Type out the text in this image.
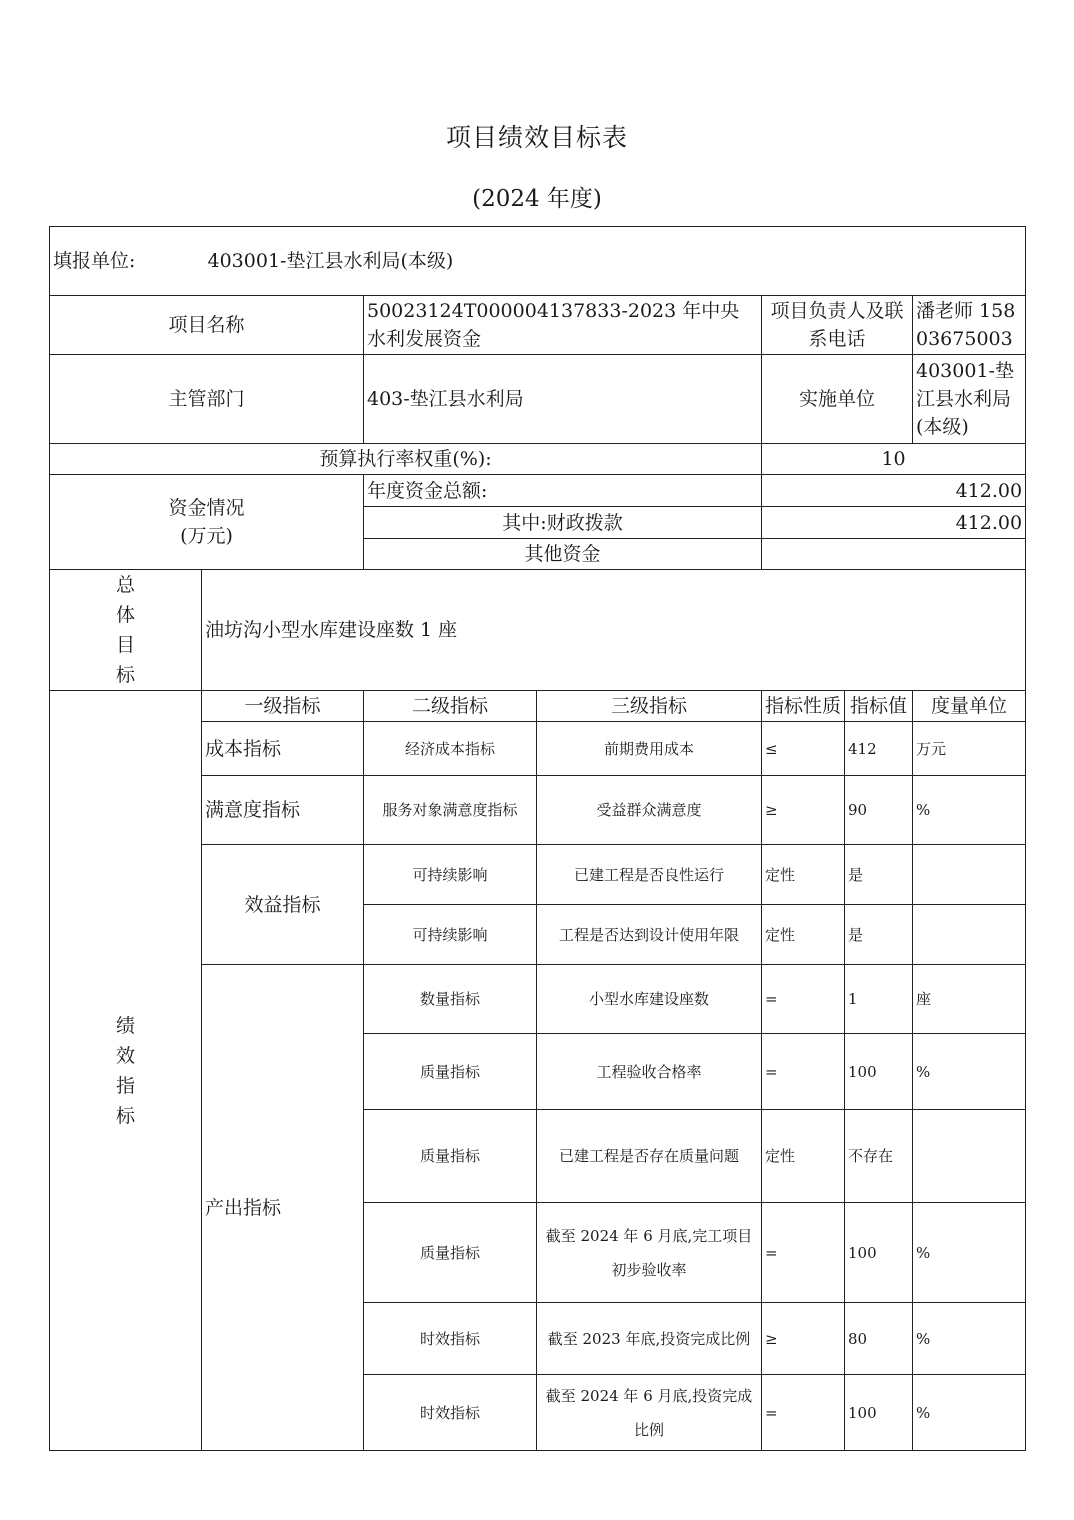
项目绩效目标表
(2024 年度)
填报单位: 403001-垫江县水利局(本级)						
项目名称		50023124T000004137833-2023 年中央水利发展资金		项目负责人及联系电话		潘老师 15803675003
主管部门		403-垫江县水利局		实施单位		403001-垫江县水利局(本级)
预算执行率权重(%):				10		

资金情况
(万元)		年度资金总额:		412.00		
		其中:财政拨款		412.00		
		其他资金				

总
体
目
标	油坊沟小型水库建设座数 1 座					

绩
效
指
标	一级指标	二级指标	三级指标	指标性质	指标值	度量单位
	成本指标	经济成本指标	前期费用成本	≤	412	万元
	满意度指标	服务对象满意度指标	受益群众满意度	≥	90	%
	效益指标	可持续影响	已建工程是否良性运行	定性	是	
		可持续影响	工程是否达到设计使用年限	定性	是	
	产出指标	数量指标	小型水库建设座数	=	1	座
		质量指标	工程验收合格率	=	100	%
		质量指标	已建工程是否存在质量问题	定性	不存在	
		质量指标	截至 2024 年 6 月底,完工项目初步验收率	=	100	%
		时效指标	截至 2023 年底,投资完成比例	≥	80	%
		时效指标	截至 2024 年 6 月底,投资完成比例	=	100	%
